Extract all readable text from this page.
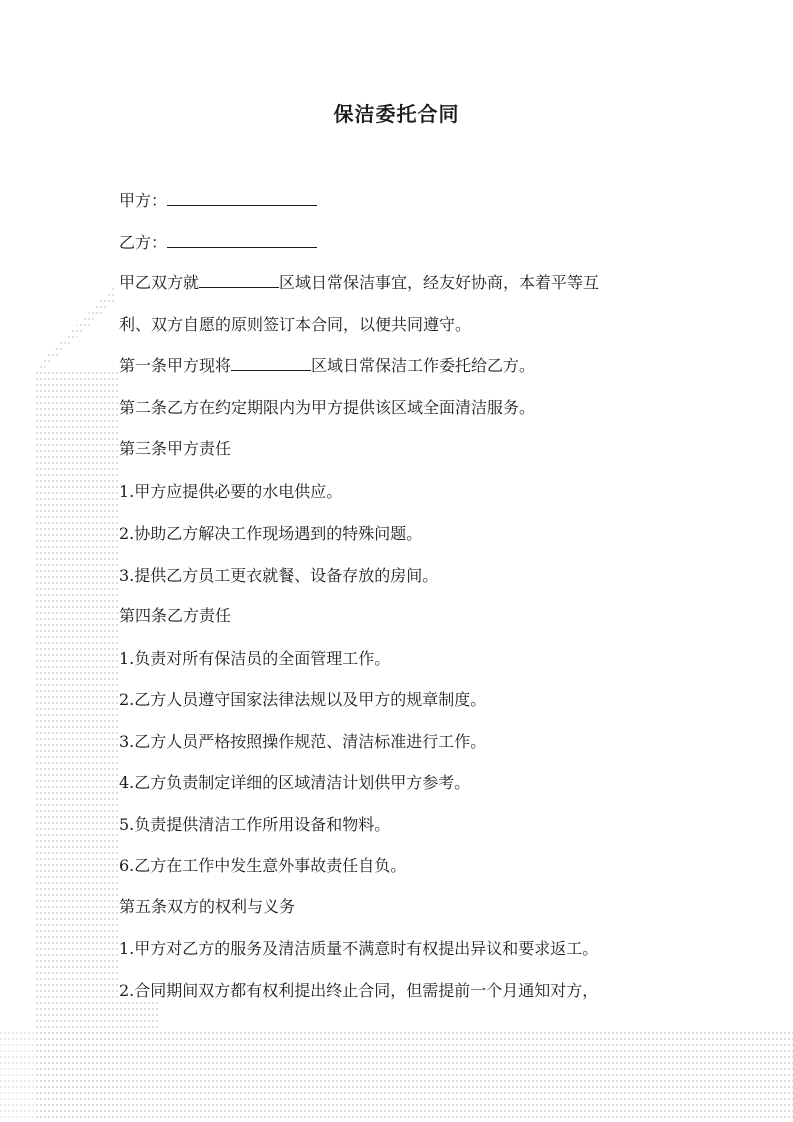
保洁委托合同
甲方：
乙方：
甲乙双方就	区域日常保洁事宜，经友好协商，本着平等互
利、双方自愿的原则签订本合同，以便共同遵守。
第一条甲方现将	区域日常保洁工作委托给乙方。
第二条乙方在约定期限内为甲方提供该区域全面清洁服务。
第三条甲方责任
1.甲方应提供必要的水电供应。
2.协助乙方解决工作现场遇到的特殊问题。
3.提供乙方员工更衣就餐、设备存放的房间。
第四条乙方责任
1.负责对所有保洁员的全面管理工作。
2.乙方人员遵守国家法律法规以及甲方的规章制度。
3.乙方人员严格按照操作规范、清洁标准进行工作。
4.乙方负责制定详细的区域清洁计划供甲方参考。
5.负责提供清洁工作所用设备和物料。
6.乙方在工作中发生意外事故责任自负。
第五条双方的权利与义务
1.甲方对乙方的服务及清洁质量不满意时有权提出异议和要求返工。
2.合同期间双方都有权利提出终止合同，但需提前一个月通知对方，
